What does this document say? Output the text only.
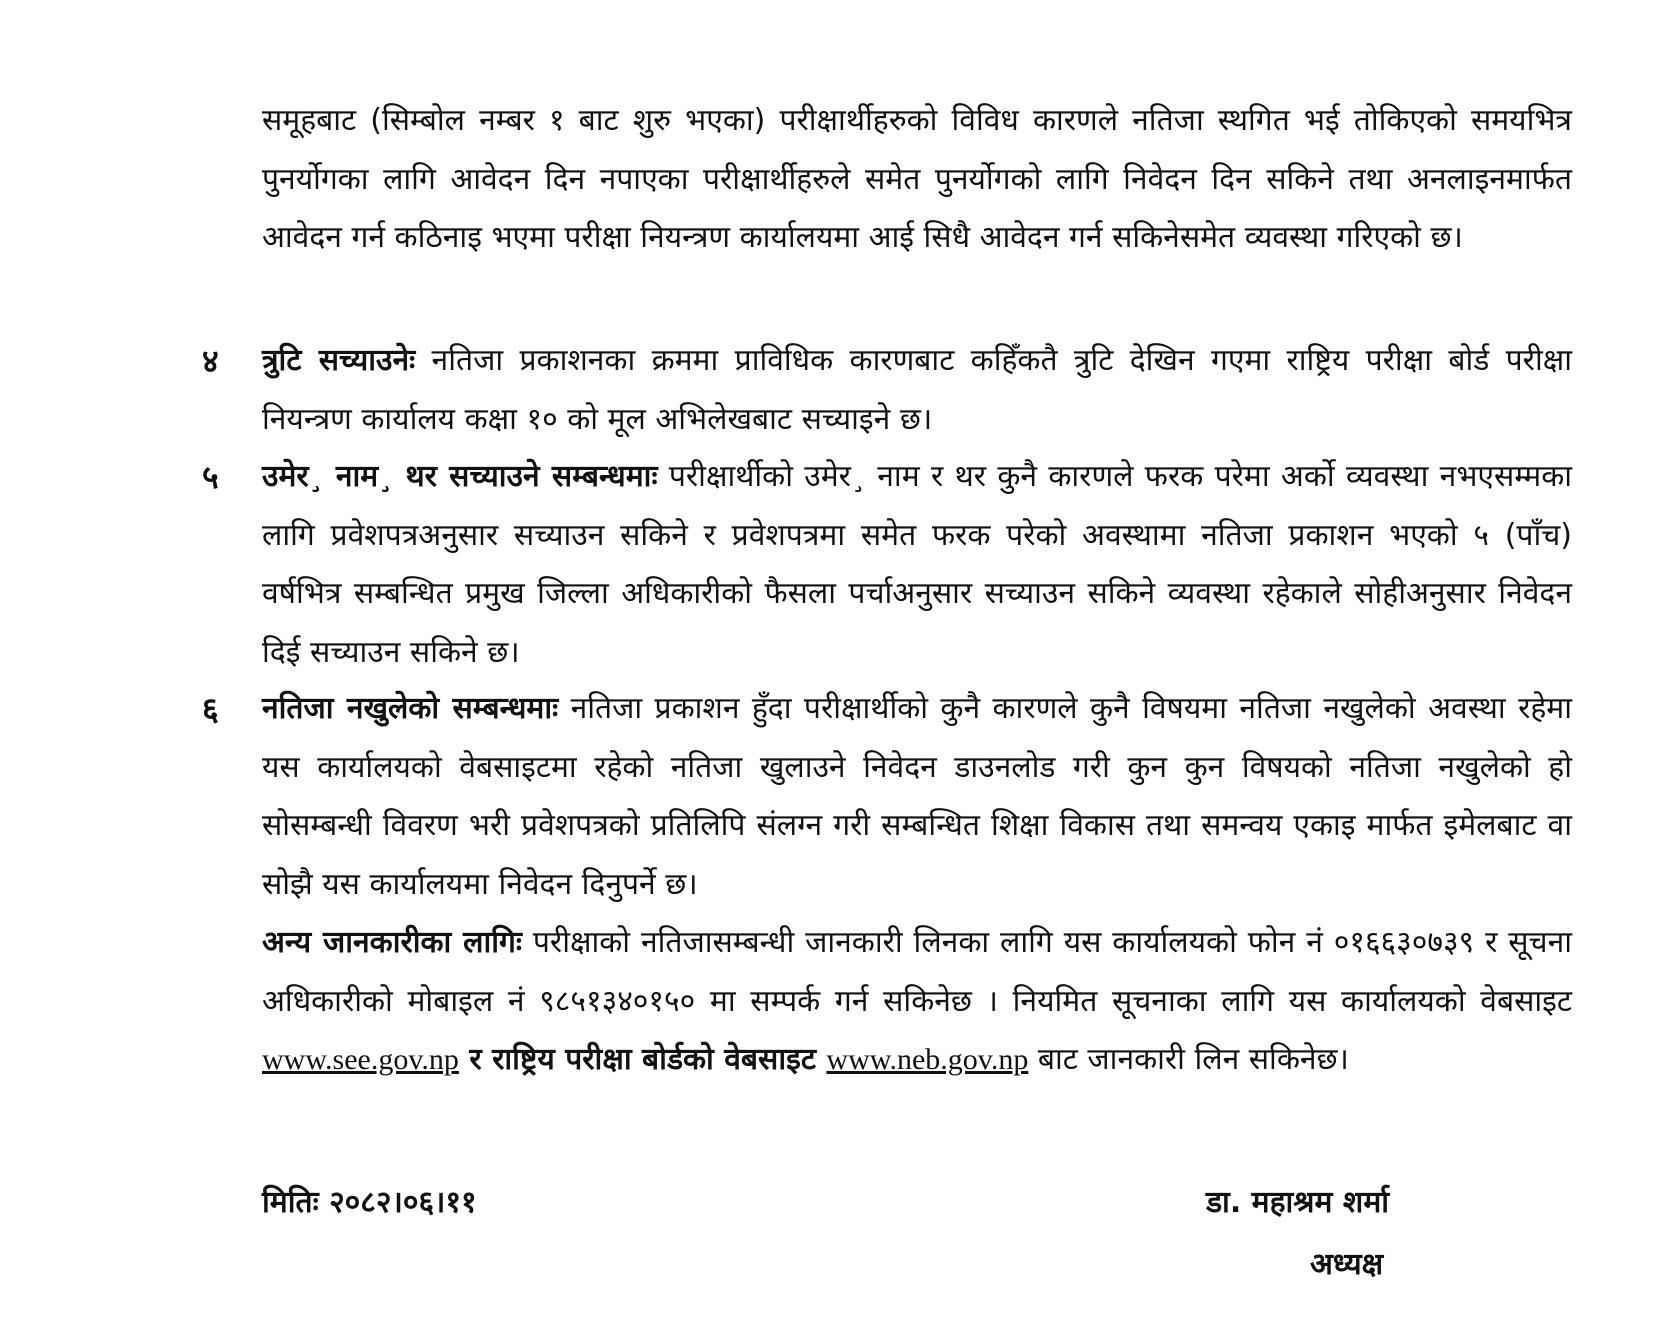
समूहबाट (सिम्बोल नम्बर १ बाट शुरु भएका) परीक्षार्थीहरुको विविध कारणले नतिजा स्थगित भई तोकिएको समयभित्र पुनर्योगका लागि आवेदन दिन नपाएका परीक्षार्थीहरुले समेत पुनर्योगको लागि निवेदन दिन सकिने तथा अनलाइनमार्फत आवेदन गर्न कठिनाइ भएमा परीक्षा नियन्त्रण कार्यालयमा आई सिधै आवेदन गर्न सकिनेसमेत व्यवस्था गरिएको छ।

४ त्रुटि सच्याउनेः नतिजा प्रकाशनका क्रममा प्राविधिक कारणबाट कहिँकतै त्रुटि देखिन गएमा राष्ट्रिय परीक्षा बोर्ड परीक्षा नियन्त्रण कार्यालय कक्षा १० को मूल अभिलेखबाट सच्याइने छ।

५ उमेर¸ नाम¸ थर सच्याउने सम्बन्धमाः परीक्षार्थीको उमेर¸ नाम र थर कुनै कारणले फरक परेमा अर्को व्यवस्था नभएसम्मका लागि प्रवेशपत्रअनुसार सच्याउन सकिने र प्रवेशपत्रमा समेत फरक परेको अवस्थामा नतिजा प्रकाशन भएको ५ (पाँच) वर्षभित्र सम्बन्धित प्रमुख जिल्ला अधिकारीको फैसला पर्चाअनुसार सच्याउन सकिने व्यवस्था रहेकाले सोहीअनुसार निवेदन दिई सच्याउन सकिने छ।

६ नतिजा नखुलेको सम्बन्धमाः नतिजा प्रकाशन हुँदा परीक्षार्थीको कुनै कारणले कुनै विषयमा नतिजा नखुलेको अवस्था रहेमा यस कार्यालयको वेबसाइटमा रहेको नतिजा खुलाउने निवेदन डाउनलोड गरी कुन कुन विषयको नतिजा नखुलेको हो सोसम्बन्धी विवरण भरी प्रवेशपत्रको प्रतिलिपि संलग्न गरी सम्बन्धित शिक्षा विकास तथा समन्वय एकाइ मार्फत इमेलबाट वा सोझै यस कार्यालयमा निवेदन दिनुपर्ने छ।

अन्य जानकारीका लागिः परीक्षाको नतिजासम्बन्धी जानकारी लिनका लागि यस कार्यालयको फोन नं ०१६६३०७३९ र सूचना अधिकारीको मोबाइल नं ९८५१३४०१५० मा सम्पर्क गर्न सकिनेछ । नियमित सूचनाका लागि यस कार्यालयको वेबसाइट www.see.gov.np र राष्ट्रिय परीक्षा बोर्डको वेबसाइट www.neb.gov.np बाट जानकारी लिन सकिनेछ।

मितिः २०८२।०६।११	डा. महाश्रम शर्मा
अध्यक्ष
